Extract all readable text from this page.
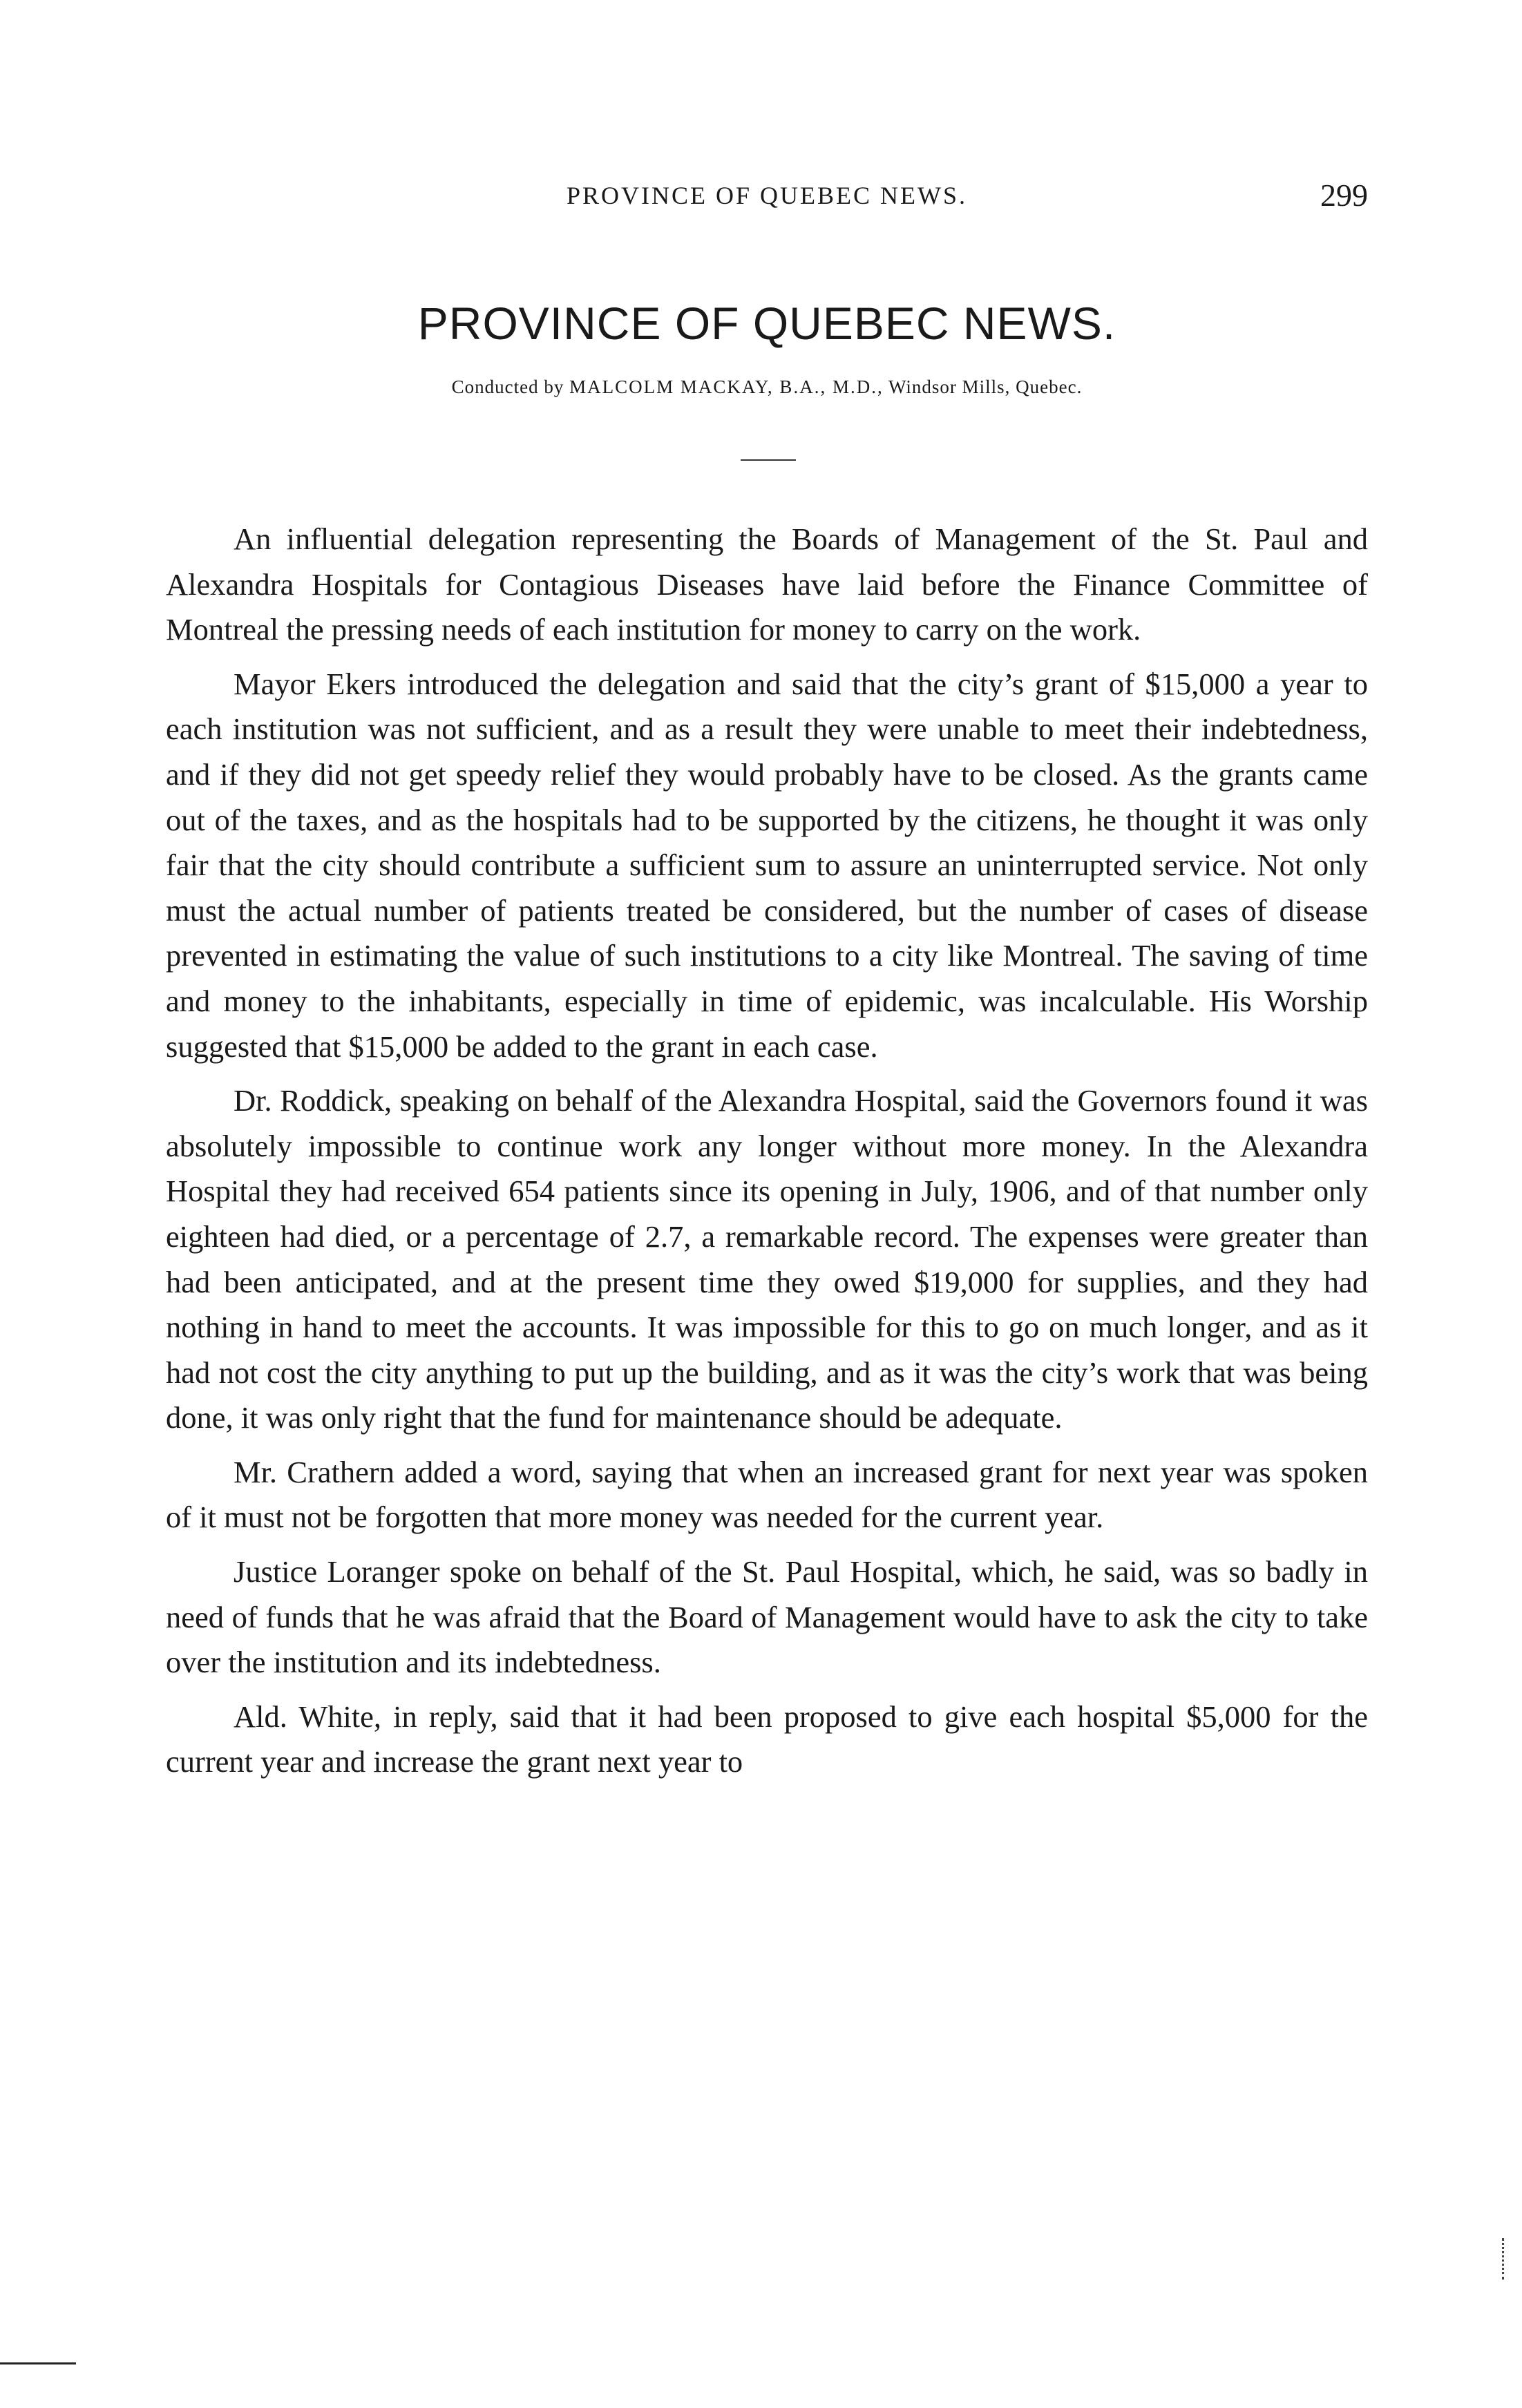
PROVINCE OF QUEBEC NEWS.	299
PROVINCE OF QUEBEC NEWS.
Conducted by MALCOLM MACKAY, B.A., M.D., Windsor Mills, Quebec.

An influential delegation representing the Boards of Management of the St. Paul and Alexandra Hospitals for Contagious Diseases have laid before the Finance Committee of Montreal the pressing needs of each institution for money to carry on the work.

Mayor Ekers introduced the delegation and said that the city’s grant of $15,000 a year to each institution was not sufficient, and as a result they were unable to meet their indebtedness, and if they did not get speedy relief they would probably have to be closed. As the grants came out of the taxes, and as the hospitals had to be supported by the citizens, he thought it was only fair that the city should contribute a sufficient sum to assure an uninterrupted service. Not only must the actual number of patients treated be considered, but the number of cases of disease prevented in estimating the value of such institutions to a city like Montreal. The saving of time and money to the inhabitants, especially in time of epidemic, was incalculable. His Worship suggested that $15,000 be added to the grant in each case.

Dr. Roddick, speaking on behalf of the Alexandra Hospital, said the Governors found it was absolutely impossible to continue work any longer without more money. In the Alexandra Hospital they had received 654 patients since its opening in July, 1906, and of that number only eighteen had died, or a percentage of 2.7, a remarkable record. The expenses were greater than had been anticipated, and at the present time they owed $19,000 for supplies, and they had nothing in hand to meet the accounts. It was impossible for this to go on much longer, and as it had not cost the city anything to put up the building, and as it was the city’s work that was being done, it was only right that the fund for maintenance should be adequate.

Mr. Crathern added a word, saying that when an increased grant for next year was spoken of it must not be forgotten that more money was needed for the current year.

Justice Loranger spoke on behalf of the St. Paul Hospital, which, he said, was so badly in need of funds that he was afraid that the Board of Management would have to ask the city to take over the institution and its indebtedness.

Ald. White, in reply, said that it had been proposed to give each hospital $5,000 for the current year and increase the grant next year to
